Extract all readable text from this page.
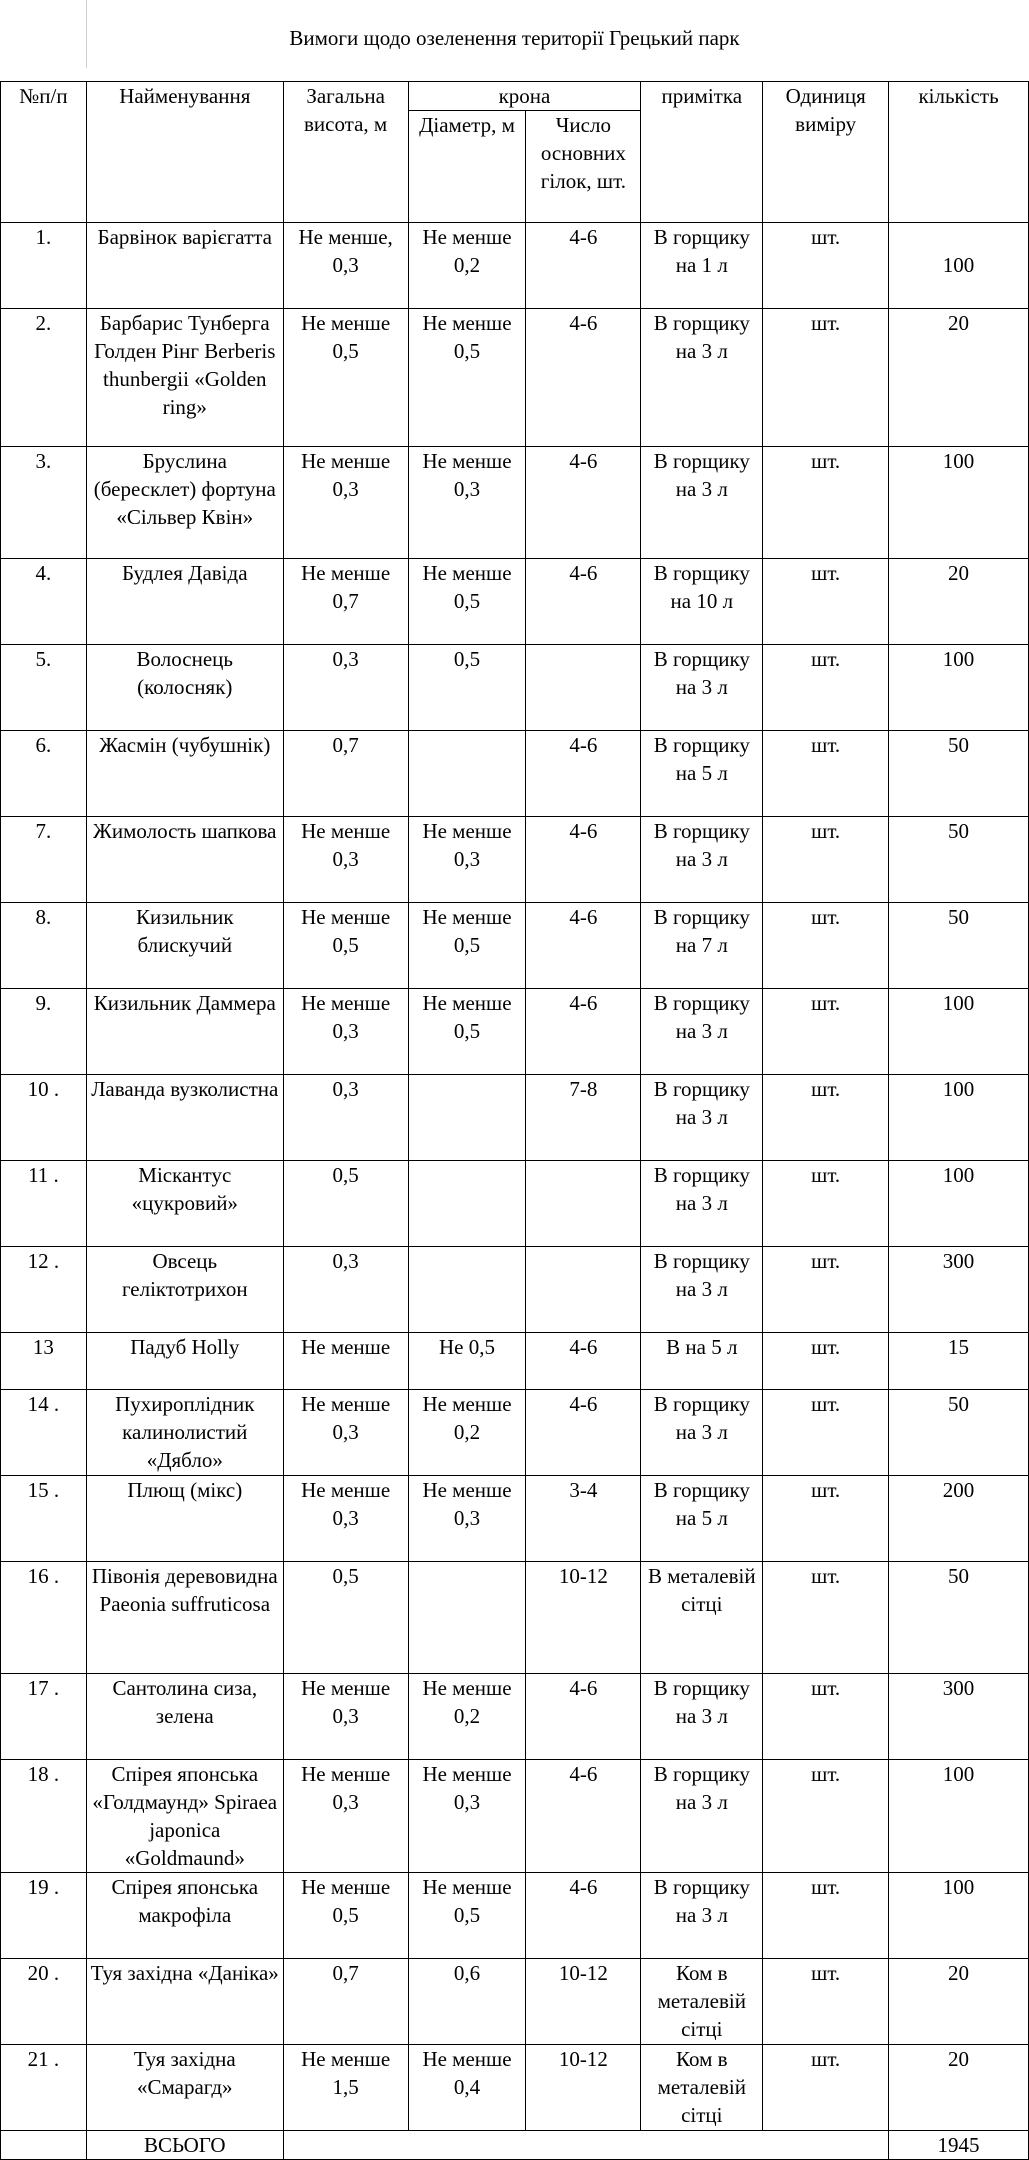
Вимоги щодо озеленення території Грецький парк
№п/п	Найменування	Загальна висота, м	крона		примітка	Одиниця виміру	кількість
			Діаметр, м	Число основних гілок, шт.			
1.	Барвінок варієгатта	Не менше, 0,3	Не менше 0,2	4-6	В горщику на 1 л	шт.	100
2.	Барбарис Тунберга Голден Рінг Berberis thunbergii «Golden ring»	Не менше 0,5	Не менше 0,5	4-6	В горщику на 3 л	шт.	20
3.	Бруслина (бересклет) фортуна «Сільвер Квін»	Не менше 0,3	Не менше 0,3	4-6	В горщику на 3 л	шт.	100
4.	Будлея Давіда	Не менше 0,7	Не менше 0,5	4-6	В горщику на 10 л	шт.	20
5.	Волоснець (колосняк)	0,3	0,5		В горщику на 3 л	шт.	100
6.	Жасмін (чубушнік)	0,7		4-6	В горщику на 5 л	шт.	50
7.	Жимолость шапкова	Не менше 0,3	Не менше 0,3	4-6	В горщику на 3 л	шт.	50
8.	Кизильник блискучий	Не менше 0,5	Не менше 0,5	4-6	В горщику на 7 л	шт.	50
9.	Кизильник Даммера	Не менше 0,3	Не менше 0,5	4-6	В горщику на 3 л	шт.	100
10 .	Лаванда вузколистна	0,3		7-8	В горщику на 3 л	шт.	100
11 .	Міскантус «цукровий»	0,5			В горщику на 3 л	шт.	100
12 .	Овсець геліктотрихон	0,3			В горщику на 3 л	шт.	300
13	Падуб Holly	Не менше	Не 0,5	4-6	В на 5 л	шт.	15
14 .	Пухироплідник калинолистий «Дябло»	Не менше 0,3	Не менше 0,2	4-6	В горщику на 3 л	шт.	50
15 .	Плющ (мікс)	Не менше 0,3	Не менше 0,3	3-4	В горщику на 5 л	шт.	200
16 .	Півонія деревовидна Paeonia suffruticosa	0,5		10-12	В металевій сітці	шт.	50
17 .	Сантолина сиза, зелена	Не менше 0,3	Не менше 0,2	4-6	В горщику на 3 л	шт.	300
18 .	Спірея японська «Голдмаунд» Spiraea japonica «Goldmaund»	Не менше 0,3	Не менше 0,3	4-6	В горщику на 3 л	шт.	100
19 .	Спірея японська макрофіла	Не менше 0,5	Не менше 0,5	4-6	В горщику на 3 л	шт.	100
20 .	Туя західна «Даніка»	0,7	0,6	10-12	Ком в металевій сітці	шт.	20
21 .	Туя західна «Смарагд»	Не менше 1,5	Не менше 0,4	10-12	Ком в металевій сітці	шт.	20
	ВСЬОГО						1945
